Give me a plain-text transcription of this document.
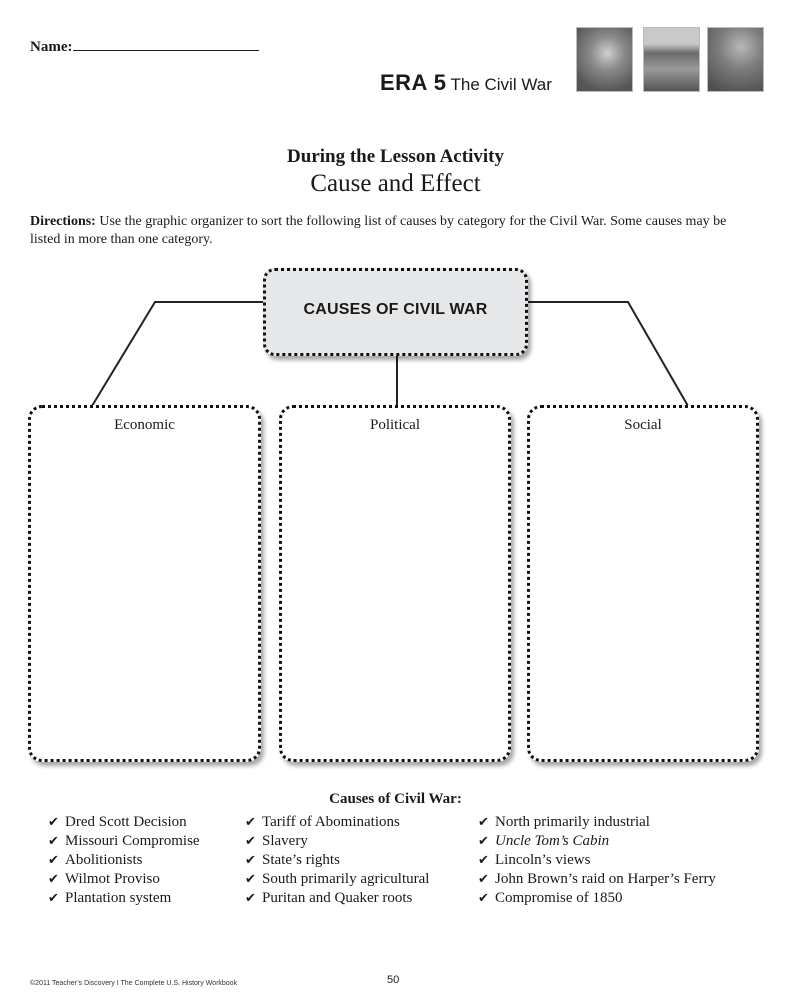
Name:
ERA 5 The Civil War
During the Lesson Activity
Cause and Effect
Directions: Use the graphic organizer to sort the following list of causes by category for the Civil War. Some causes may be listed in more than one category.
CAUSES OF CIVIL WAR
Economic	Political	Social
Causes of Civil War:
✔ Dred Scott Decision
✔ Missouri Compromise
✔ Abolitionists
✔ Wilmot Proviso
✔ Plantation system
✔ Tariff of Abominations
✔ Slavery
✔ State’s rights
✔ South primarily agricultural
✔ Puritan and Quaker roots
✔ North primarily industrial
✔ Uncle Tom’s Cabin
✔ Lincoln’s views
✔ John Brown’s raid on Harper’s Ferry
✔ Compromise of 1850
©2011 Teacher’s Discovery I The Complete U.S. History Workbook	50
